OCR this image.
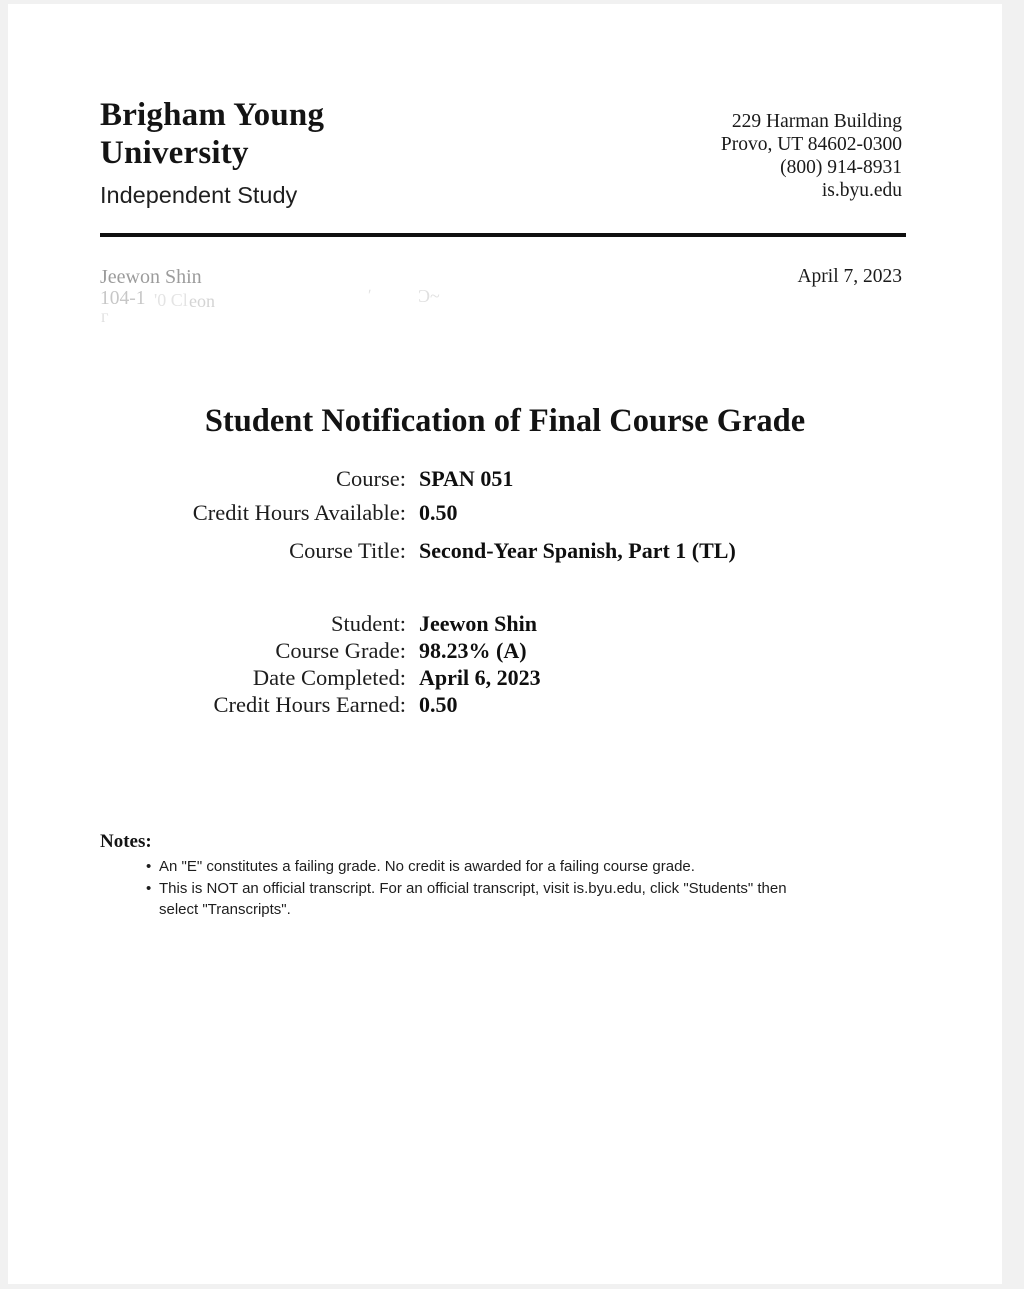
Brigham Young
University
Independent Study
229 Harman Building
Provo, UT 84602-0300
(800) 914-8931
is.byu.edu
Jeewon Shin	April 7, 2023
104-1 '0 Cl eon	ʹ	Ɔ~
Γ
Student Notification of Final Course Grade
Course: SPAN 051
Credit Hours Available: 0.50
Course Title: Second-Year Spanish, Part 1 (TL)
Student: Jeewon Shin
Course Grade: 98.23% (A)
Date Completed: April 6, 2023
Credit Hours Earned: 0.50
Notes:
• An "E" constitutes a failing grade. No credit is awarded for a failing course grade.
• This is NOT an official transcript. For an official transcript, visit is.byu.edu, click "Students" then select "Transcripts".
